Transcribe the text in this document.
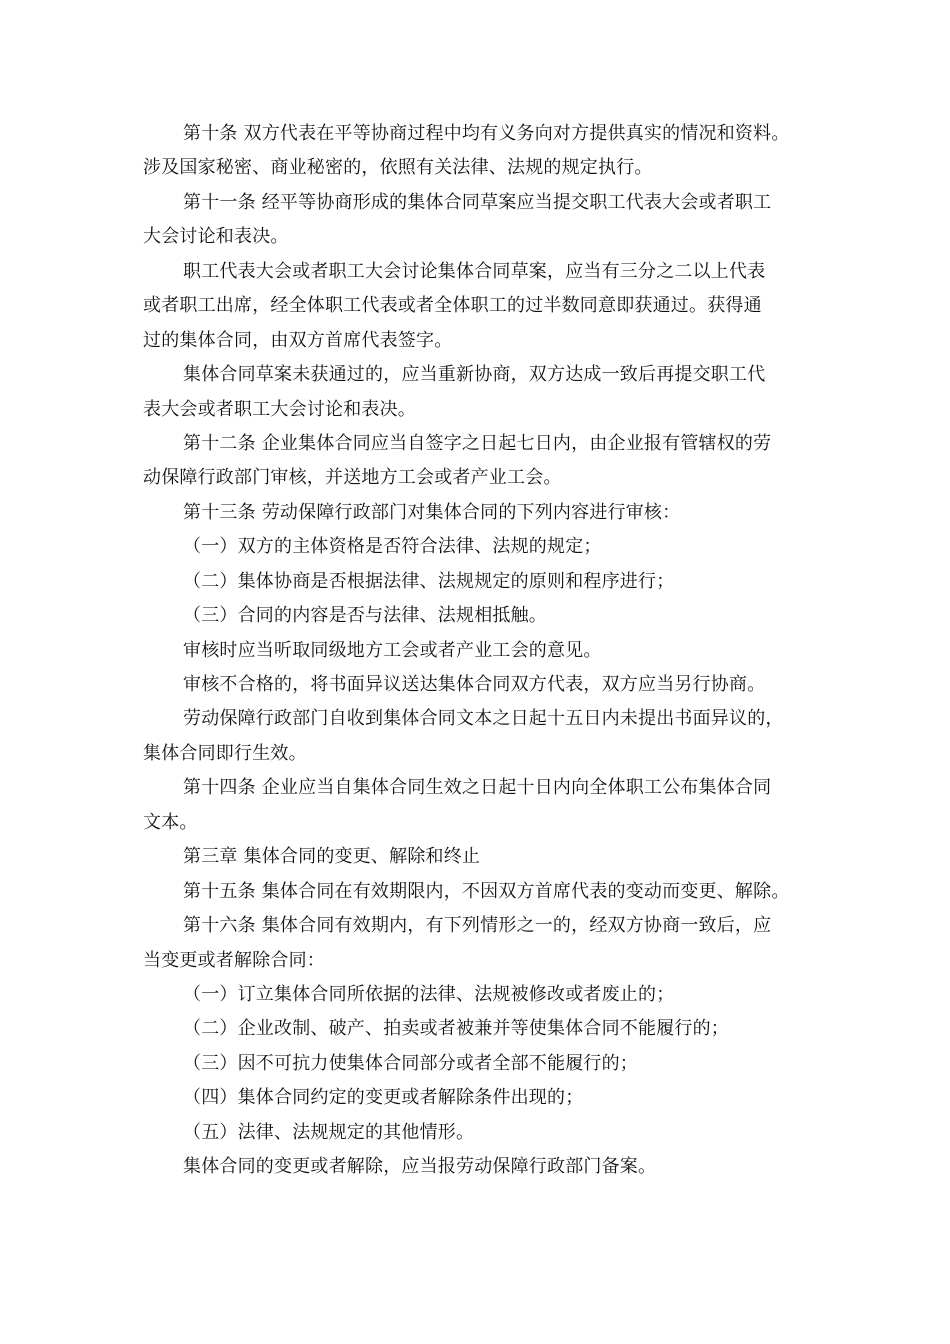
第十条 双方代表在平等协商过程中均有义务向对方提供真实的情况和资料。
涉及国家秘密、商业秘密的，依照有关法律、法规的规定执行。
第十一条 经平等协商形成的集体合同草案应当提交职工代表大会或者职工
大会讨论和表决。
职工代表大会或者职工大会讨论集体合同草案，应当有三分之二以上代表
或者职工出席，经全体职工代表或者全体职工的过半数同意即获通过。获得通
过的集体合同，由双方首席代表签字。
集体合同草案未获通过的，应当重新协商，双方达成一致后再提交职工代
表大会或者职工大会讨论和表决。
第十二条 企业集体合同应当自签字之日起七日内，由企业报有管辖权的劳
动保障行政部门审核，并送地方工会或者产业工会。
第十三条 劳动保障行政部门对集体合同的下列内容进行审核：
（一）双方的主体资格是否符合法律、法规的规定；
（二）集体协商是否根据法律、法规规定的原则和程序进行；
（三）合同的内容是否与法律、法规相抵触。
审核时应当听取同级地方工会或者产业工会的意见。
审核不合格的，将书面异议送达集体合同双方代表，双方应当另行协商。
劳动保障行政部门自收到集体合同文本之日起十五日内未提出书面异议的，
集体合同即行生效。
第十四条 企业应当自集体合同生效之日起十日内向全体职工公布集体合同
文本。
第三章 集体合同的变更、解除和终止
第十五条 集体合同在有效期限内，不因双方首席代表的变动而变更、解除。
第十六条 集体合同有效期内，有下列情形之一的，经双方协商一致后，应
当变更或者解除合同：
（一）订立集体合同所依据的法律、法规被修改或者废止的；
（二）企业改制、破产、拍卖或者被兼并等使集体合同不能履行的；
（三）因不可抗力使集体合同部分或者全部不能履行的；
（四）集体合同约定的变更或者解除条件出现的；
（五）法律、法规规定的其他情形。
集体合同的变更或者解除，应当报劳动保障行政部门备案。
